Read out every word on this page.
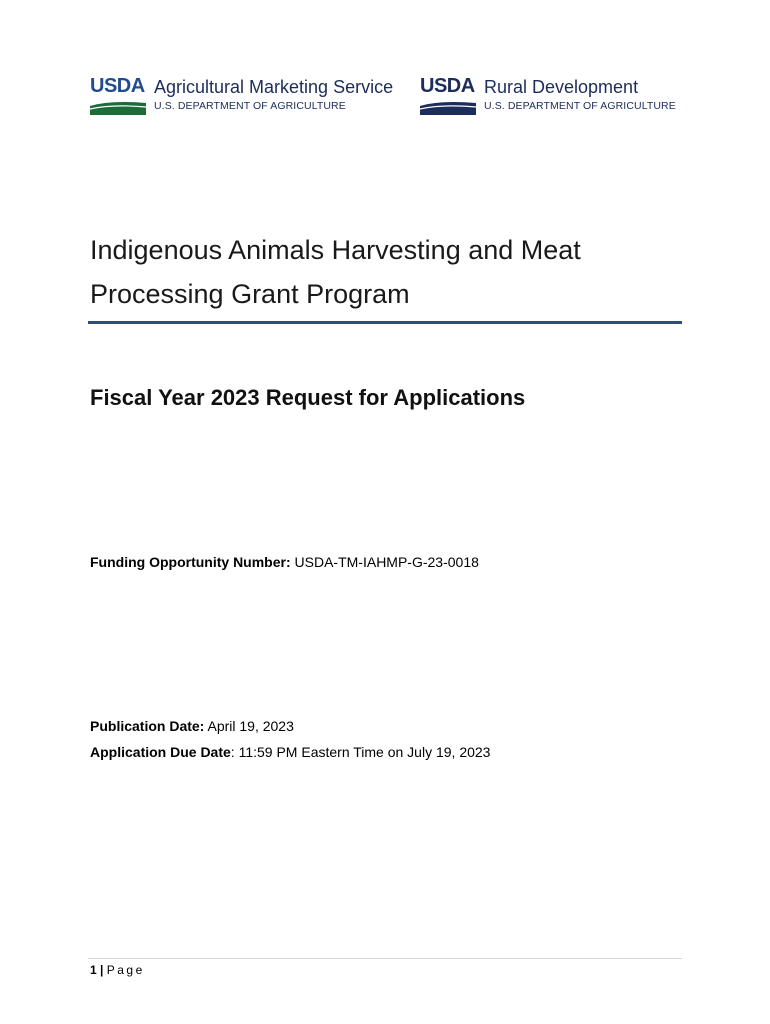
USDA Agricultural Marketing Service
U.S. DEPARTMENT OF AGRICULTURE
USDA Rural Development
U.S. DEPARTMENT OF AGRICULTURE
Indigenous Animals Harvesting and Meat
Processing Grant Program
Fiscal Year 2023 Request for Applications
Funding Opportunity Number: USDA-TM-IAHMP-G-23-0018
Publication Date: April 19, 2023
Application Due Date: 11:59 PM Eastern Time on July 19, 2023
1 | Page
